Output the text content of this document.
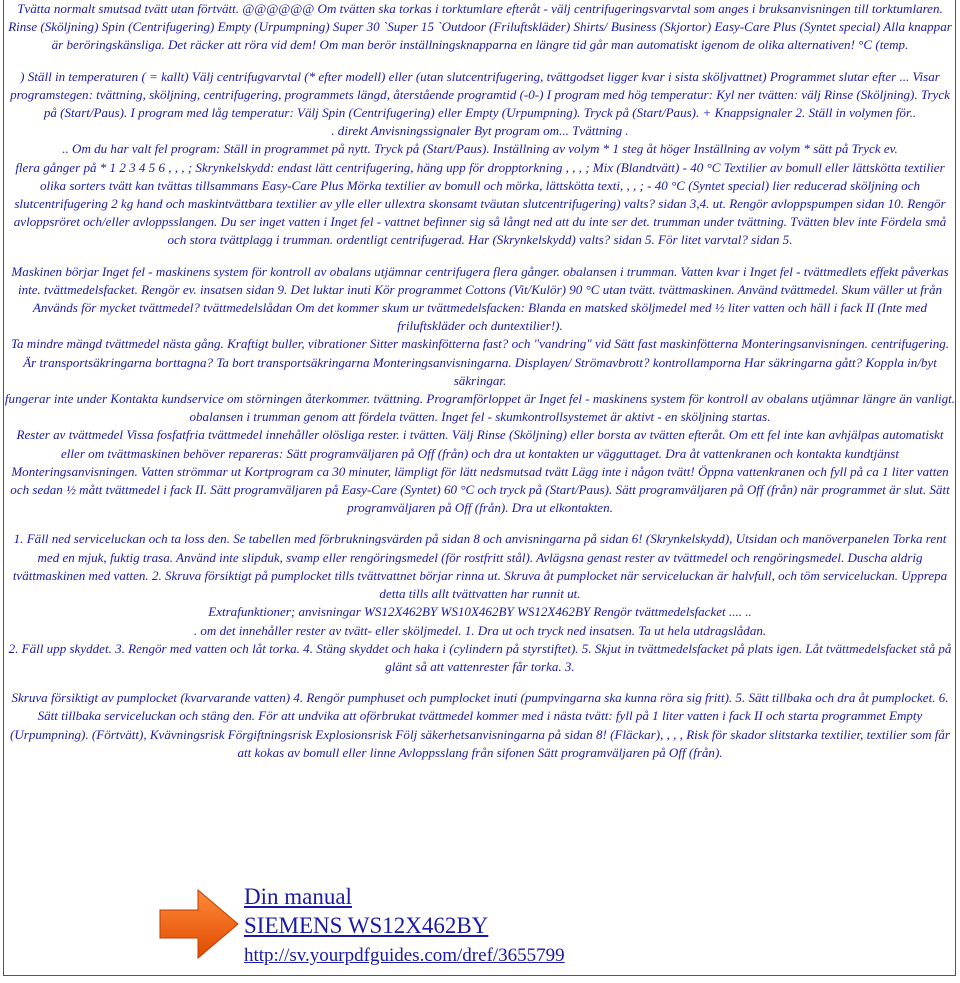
Tvätta normalt smutsad tvätt utan förtvätt. @@@@@@ Om tvätten ska torkas i torktumlare efteråt - välj centrifugeringsvarvtal som anges i bruksanvisningen till torktumlaren. Rinse (Sköljning) Spin (Centrifugering) Empty (Urpumpning) Super 30 `Super 15 `Outdoor (Friluftskläder) Shirts/ Business (Skjortor) Easy-Care Plus (Syntet special) Alla knappar är beröringskänsliga. Det räcker att röra vid dem! Om man berör inställningsknapparna en längre tid går man automatiskt igenom de olika alternativen! °C (temp.

) Ställ in temperaturen ( = kallt) Välj centrifugvarvtal (* efter modell) eller (utan slutcentrifugering, tvättgodset ligger kvar i sista sköljvattnet) Programmet slutar efter ... Visar programstegen: tvättning, sköljning, centrifugering, programmets längd, återstående programtid (-0-) I program med hög temperatur: Kyl ner tvätten: välj Rinse (Sköljning). Tryck på (Start/Paus). I program med låg temperatur: Välj Spin (Centrifugering) eller Empty (Urpumpning). Tryck på (Start/Paus). + Knappsignaler 2. Ställ in volymen för..

. direkt Anvisningssignaler Byt program om... Tvättning .

.. Om du har valt fel program: Ställ in programmet på nytt. Tryck på (Start/Paus). Inställning av volym * 1 steg åt höger Inställning av volym * sätt på Tryck ev.

flera gånger på * 1 2 3 4 5 6 , , , ; Skrynkelskydd: endast lätt centrifugering, häng upp för dropptorkning , , , ; Mix (Blandtvätt) - 40 °C Textilier av bomull eller lättskötta textilier olika sorters tvätt kan tvättas tillsammans Easy-Care Plus Mörka textilier av bomull och mörka, lättskötta texti, , , ; - 40 °C (Syntet special) lier reducerad sköljning och slutcentrifugering 2 kg hand och maskintvättbara textilier av ylle eller ullextra skonsamt tväutan slutcentrifugering) valts? sidan 3,4. ut. Rengör avloppspumpen sidan 10. Rengör avloppsröret och/eller avloppsslangen. Du ser inget vatten i Inget fel - vattnet befinner sig så långt ned att du inte ser det. trumman under tvättning. Tvätten blev inte Fördela små och stora tvättplagg i trumman. ordentligt centrifugerad. Har (Skrynkelskydd) valts? sidan 5. För litet varvtal? sidan 5.

Maskinen börjar Inget fel - maskinens system för kontroll av obalans utjämnar centrifugera flera gånger. obalansen i trumman. Vatten kvar i Inget fel - tvättmedlets effekt påverkas inte. tvättmedelsfacket. Rengör ev. insatsen sidan 9. Det luktar inuti Kör programmet Cottons (Vit/Kulör) 90 °C utan tvätt. tvättmaskinen. Använd tvättmedel. Skum väller ut från Används för mycket tvättmedel? tvättmedelslådan Om det kommer skum ur tvättmedelsfacken: Blanda en matsked sköljmedel med ½ liter vatten och häll i fack II (Inte med friluftskläder och duntextilier!).

Ta mindre mängd tvättmedel nästa gång. Kraftigt buller, vibrationer Sitter maskinfötterna fast? och "vandring" vid Sätt fast maskinfötterna Monteringsanvisningen. centrifugering. Är transportsäkringarna borttagna? Ta bort transportsäkringarna Monteringsanvisningarna. Displayen/ Strömavbrott? kontrollamporna Har säkringarna gått? Koppla in/byt säkringar.

fungerar inte under Kontakta kundservice om störningen återkommer. tvättning. Programförloppet är Inget fel - maskinens system för kontroll av obalans utjämnar längre än vanligt. obalansen i trumman genom att fördela tvätten. Inget fel - skumkontrollsystemet är aktivt - en sköljning startas.

Rester av tvättmedel Vissa fosfatfria tvättmedel innehåller olösliga rester. i tvätten. Välj Rinse (Sköljning) eller borsta av tvätten efteråt. Om ett fel inte kan avhjälpas automatiskt eller om tvättmaskinen behöver repareras: Sätt programväljaren på Off (från) och dra ut kontakten ur vägguttaget. Dra åt vattenkranen och kontakta kundtjänst Monteringsanvisningen. Vatten strömmar ut Kortprogram ca 30 minuter, lämpligt för lätt nedsmutsad tvätt Lägg inte i någon tvätt! Öppna vattenkranen och fyll på ca 1 liter vatten och sedan ½ mått tvättmedel i fack II. Sätt programväljaren på Easy-Care (Syntet) 60 °C och tryck på (Start/Paus). Sätt programväljaren på Off (från) när programmet är slut. Sätt programväljaren på Off (från). Dra ut elkontakten.

1. Fäll ned serviceluckan och ta loss den. Se tabellen med förbrukningsvärden på sidan 8 och anvisningarna på sidan 6! (Skrynkelskydd), Utsidan och manöverpanelen Torka rent med en mjuk, fuktig trasa. Använd inte slipduk, svamp eller rengöringsmedel (för rostfritt stål). Avlägsna genast rester av tvättmedel och rengöringsmedel. Duscha aldrig tvättmaskinen med vatten. 2. Skruva försiktigt på pumplocket tills tvättvattnet börjar rinna ut. Skruva åt pumplocket när serviceluckan är halvfull, och töm serviceluckan. Upprepa detta tills allt tvättvatten har runnit ut.

Extrafunktioner; anvisningar WS12X462BY WS10X462BY WS12X462BY Rengör tvättmedelsfacket .... ..

. om det innehåller rester av tvätt- eller sköljmedel. 1. Dra ut och tryck ned insatsen. Ta ut hela utdragslådan.

2. Fäll upp skyddet. 3. Rengör med vatten och låt torka. 4. Stäng skyddet och haka i (cylindern på styrstiftet). 5. Skjut in tvättmedelsfacket på plats igen. Låt tvättmedelsfacket stå på glänt så att vattenrester får torka. 3.

Skruva försiktigt av pumplocket (kvarvarande vatten) 4. Rengör pumphuset och pumplocket inuti (pumpvingarna ska kunna röra sig fritt). 5. Sätt tillbaka och dra åt pumplocket. 6. Sätt tillbaka serviceluckan och stäng den. För att undvika att oförbrukat tvättmedel kommer med i nästa tvätt: fyll på 1 liter vatten i fack II och starta programmet Empty (Urpumpning). (Förtvätt), Kvävningsrisk Förgiftningsrisk Explosionsrisk Följ säkerhetsanvisningarna på sidan 8! (Fläckar), , , , Risk för skador slitstarka textilier, textilier som får att kokas av bomull eller linne Avloppsslang från sifonen Sätt programväljaren på Off (från).

Din manual
SIEMENS WS12X462BY
http://sv.yourpdfguides.com/dref/3655799
